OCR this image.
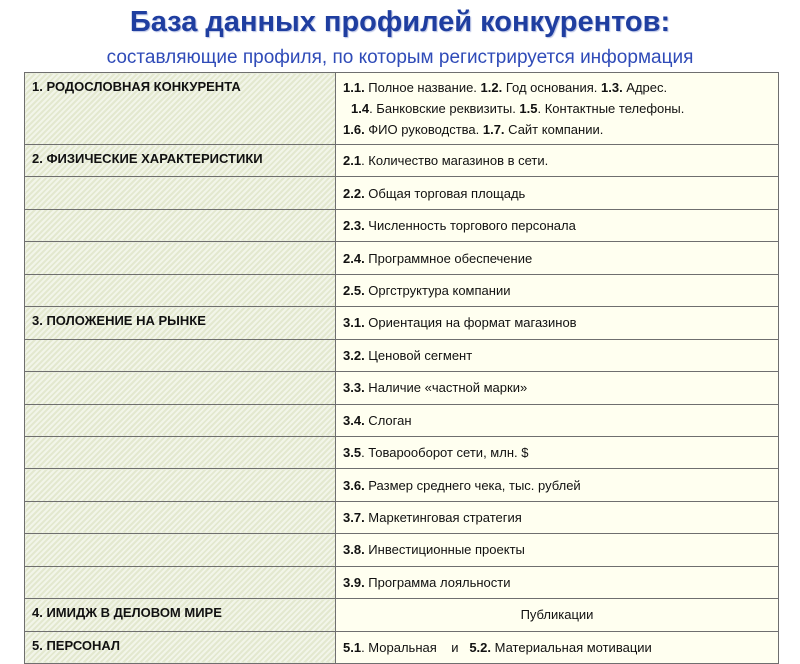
База данных профилей конкурентов:
составляющие профиля, по которым регистрируется информация
1. РОДОСЛОВНАЯ КОНКУРЕНТА	1.1. Полное название. 1.2. Год основания. 1.3. Адрес.
1.4. Банковские реквизиты. 1.5. Контактные телефоны.
1.6. ФИО руководства. 1.7. Сайт компании.

2. ФИЗИЧЕСКИЕ ХАРАКТЕРИСТИКИ	2.1. Количество магазинов в сети.
	2.2. Общая торговая площадь
	2.3. Численность торгового персонала
	2.4. Программное обеспечение
	2.5. Оргструктура компании
3. ПОЛОЖЕНИЕ НА РЫНКЕ	3.1. Ориентация на формат магазинов
	3.2. Ценовой сегмент
	3.3. Наличие «частной марки»
	3.4. Слоган
	3.5. Товарооборот сети, млн. $
	3.6. Размер среднего чека, тыс. рублей
	3.7. Маркетинговая стратегия
	3.8. Инвестиционные проекты
	3.9. Программа лояльности
4. ИМИДЖ В ДЕЛОВОМ МИРЕ	Публикации
5. ПЕРСОНАЛ	5.1. Моральная    и   5.2. Материальная мотивации
